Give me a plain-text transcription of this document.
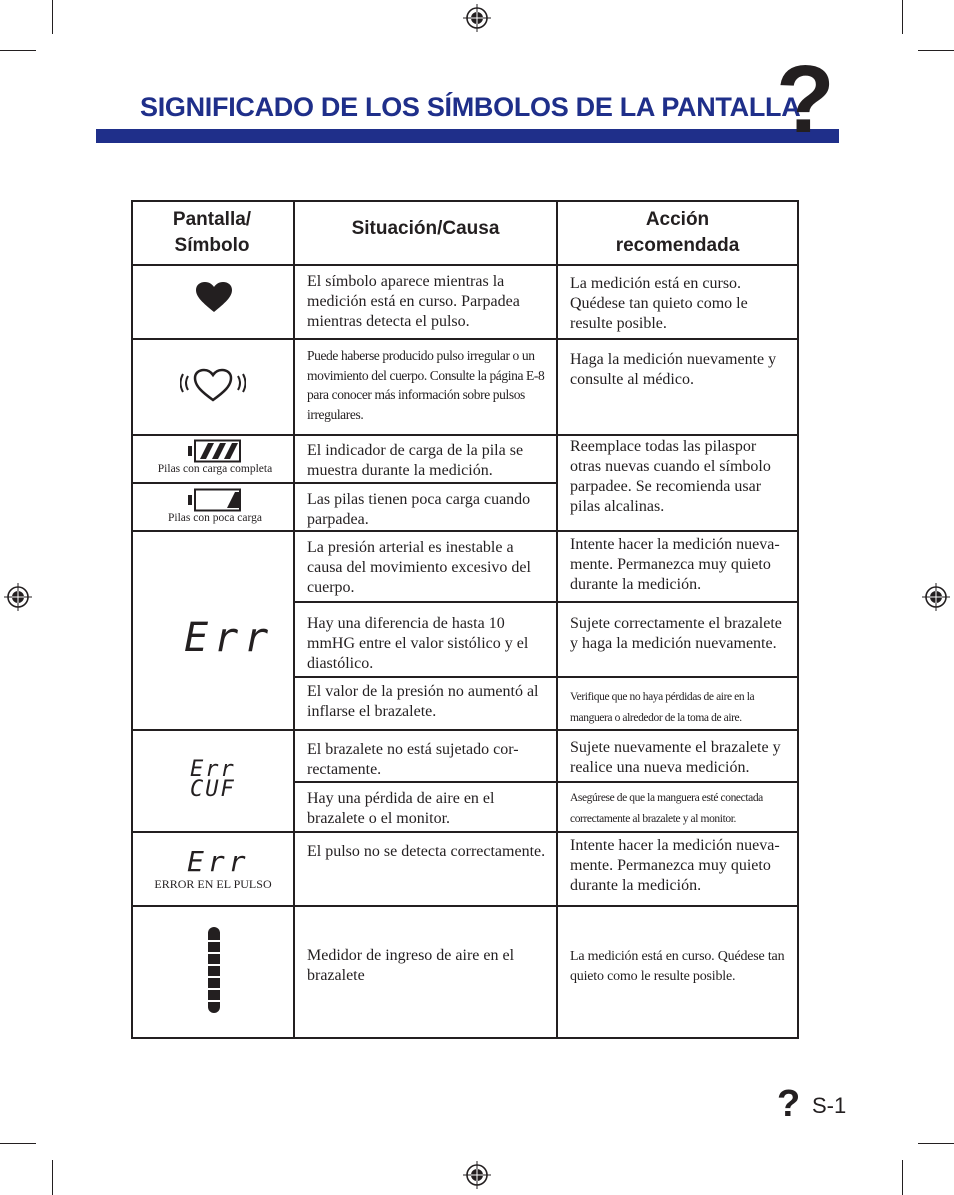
SIGNIFICADO DE LOS SÍMBOLOS DE LA PANTALLA
?
Pantalla/ Símbolo
Situación/Causa	Acción recomendada
El símbolo aparece mientras la medición está en curso. Parpadea mientras detecta el pulso.
La medición está en curso. Quédese tan quieto como le resulte posible.
Puede haberse producido pulso irregular o un movimiento del cuerpo. Consulte la página E-8 para conocer más información sobre pulsos irregulares.
Haga la medición nuevamente y consulte al médico.
Pilas con carga completa
El indicador de carga de la pila se muestra durante la medición.
Pilas con poca carga
Las pilas tienen poca carga cuando parpadea.
Reemplace todas las pilaspor otras nuevas cuando el símbolo parpadee. Se recomienda usar pilas alcalinas.
Err
La presión arterial es inestable a causa del movimiento excesivo del cuerpo.
Intente hacer la medición nueva- mente. Permanezca muy quieto durante la medición.
Hay una diferencia de hasta 10 mmHG entre el valor sistólico y el diastólico.
Sujete correctamente el brazalete y haga la medición nuevamente.
El valor de la presión no aumentó al inflarse el brazalete.
Verifique que no haya pérdidas de aire en la manguera o alrededor de la toma de aire.
Err
CUF
El brazalete no está sujetado cor- rectamente.
Sujete nuevamente el brazalete y realice una nueva medición.
Hay una pérdida de aire en el brazalete o el monitor.
Asegúrese de que la manguera esté conectada correctamente al brazalete y al monitor.
Err
ERROR EN EL PULSO
El pulso no se detecta correctamente.	Intente hacer la medición nueva- mente. Permanezca muy quieto durante la medición.
Medidor de ingreso de aire en el brazalete
La medición está en curso. Quédese tan quieto como le resulte posible.
? S-1
